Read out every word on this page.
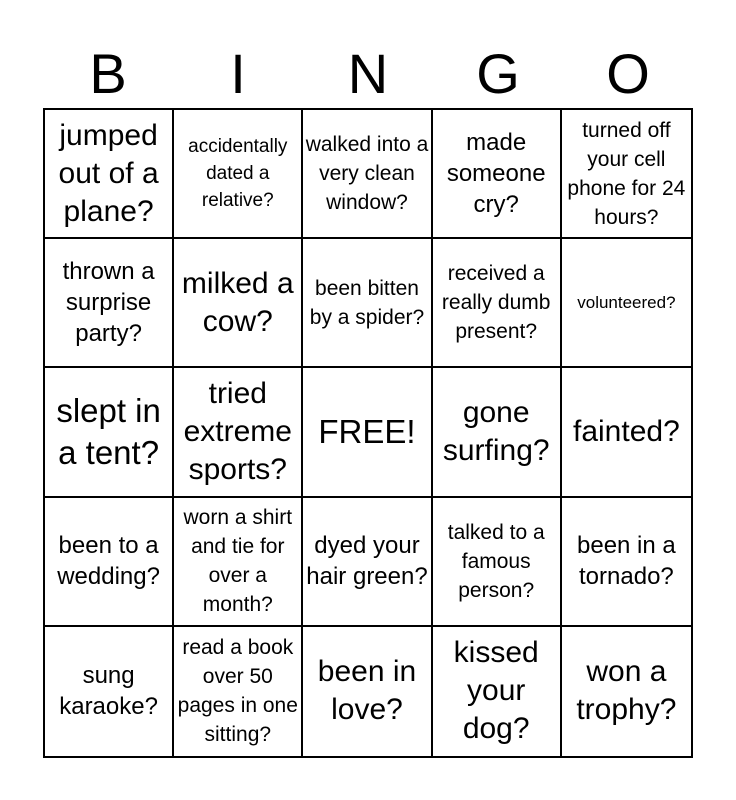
B	I	N	G	O
jumped out of a plane?
accidentally dated a relative?
walked into a very clean window?
made someone cry?
turned off your cell phone for 24 hours?
thrown a surprise party?
milked a cow?
been bitten by a spider?
received a really dumb present?
volunteered?
slept in a tent?
tried extreme sports?
FREE!
gone surfing?
fainted?
been to a wedding?
worn a shirt and tie for over a month?
dyed your hair green?
talked to a famous person?
been in a tornado?
sung karaoke?
read a book over 50 pages in one sitting?
been in love?
kissed your dog?
won a trophy?
